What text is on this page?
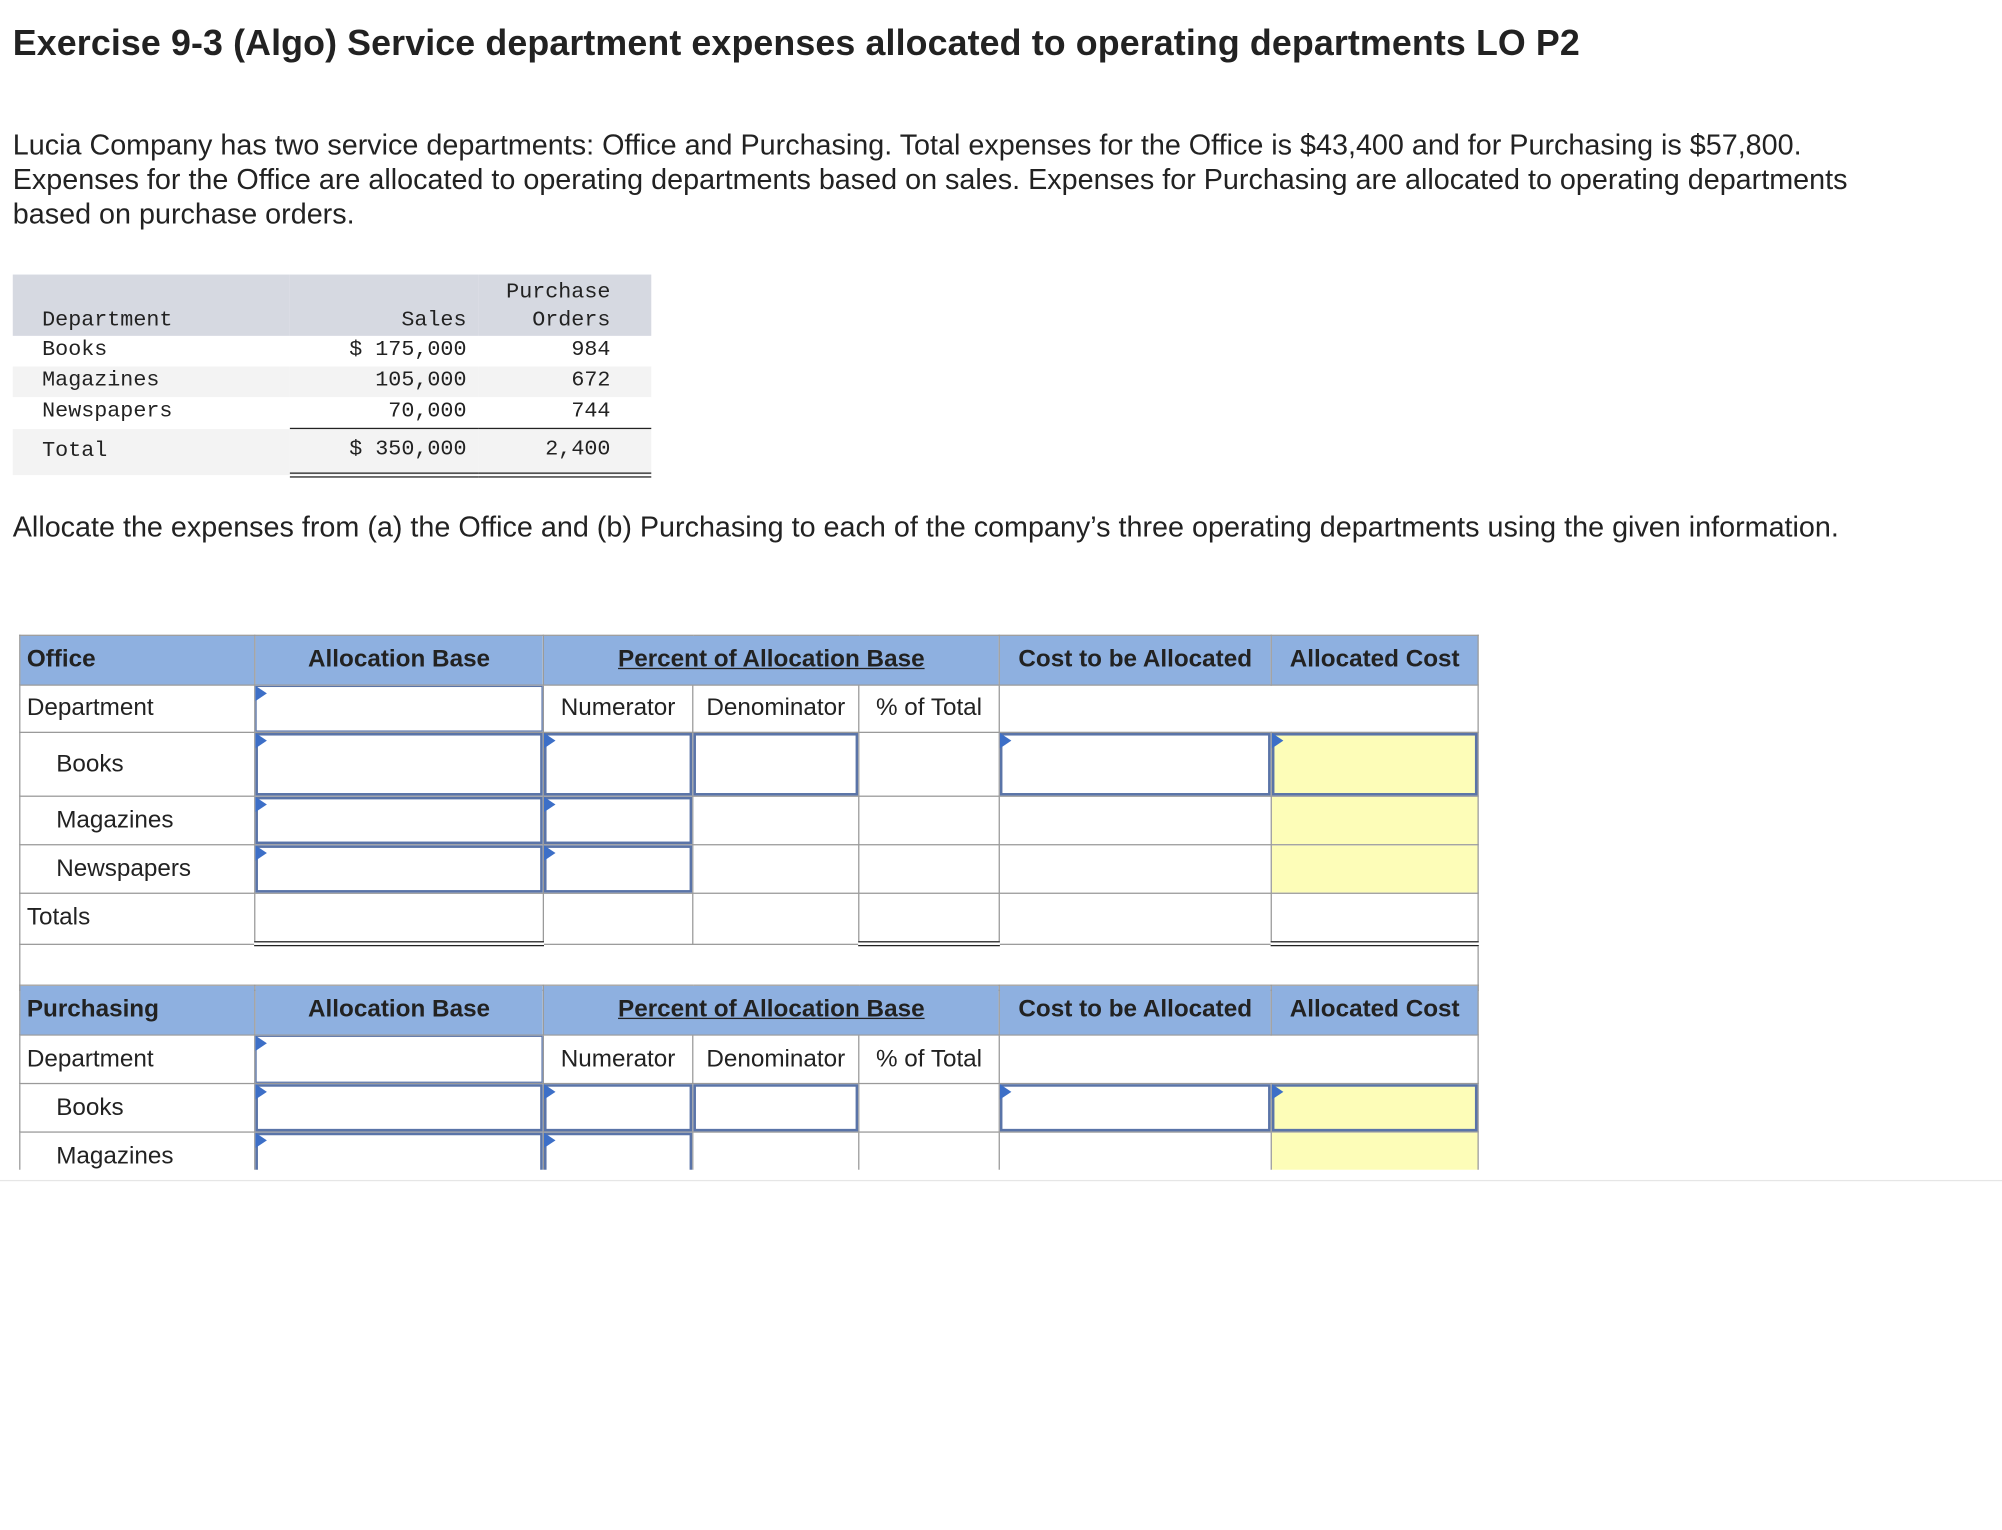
Exercise 9-3 (Algo) Service department expenses allocated to operating departments LO P2

Lucia Company has two service departments: Office and Purchasing. Total expenses for the Office is $43,400 and for Purchasing is $57,800. Expenses for the Office are allocated to operating departments based on sales. Expenses for Purchasing are allocated to operating departments based on purchase orders.

Department	Sales	Purchase
Orders
Books	$ 175,000	984
Magazines	105,000	672
Newspapers	70,000	744
Total	$ 350,000	2,400

Allocate the expenses from (a) the Office and (b) Purchasing to each of the company’s three operating departments using the given information.

Office	Allocation Base	Percent of Allocation Base			Cost to be Allocated	Allocated Cost
Department		Numerator	Denominator	% of Total		
Books	

Magazines	

Newspapers	

Totals						

Purchasing	Allocation Base	Percent of Allocation Base			Cost to be Allocated	Allocated Cost
Department		Numerator	Denominator	% of Total		
Books	

Magazines	
